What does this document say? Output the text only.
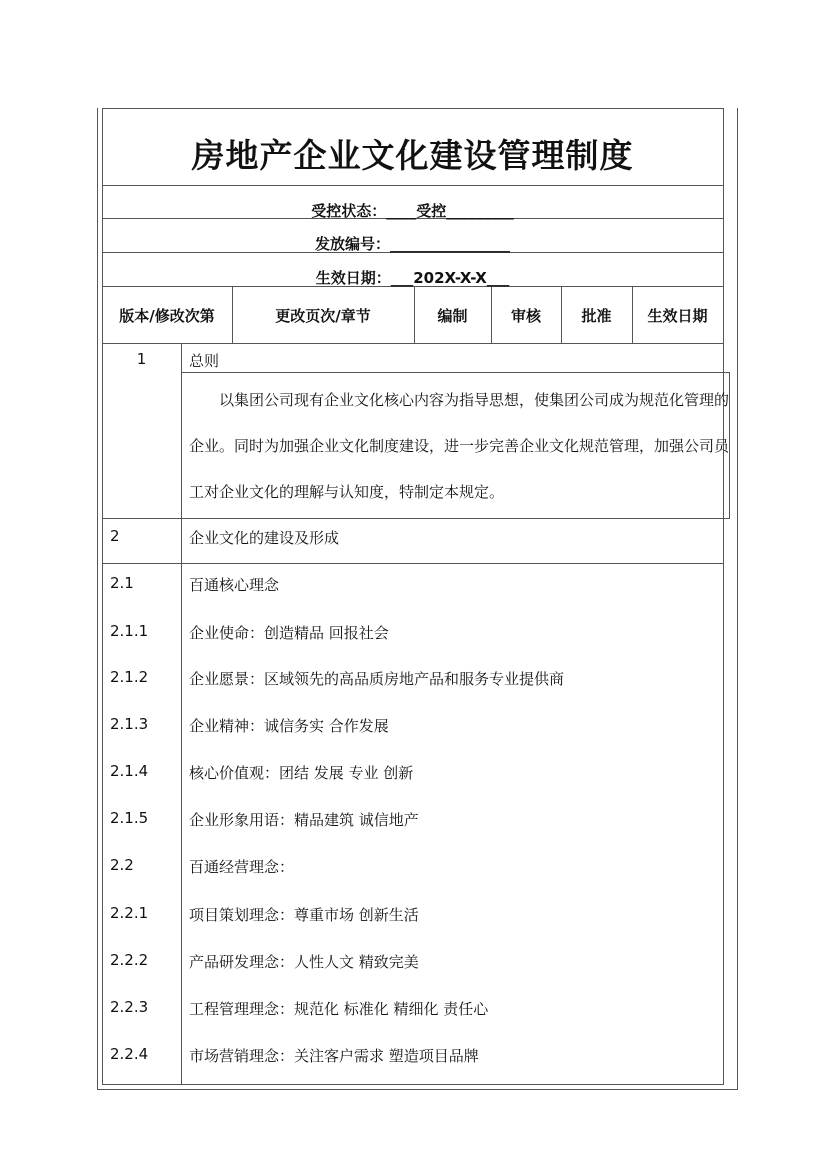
房地产企业文化建设管理制度
受控状态：____受控_________
发放编号：________________
生效日期：___202X-X-X___
版本/修改次第	更改页次/章节	编制	审核	批准	生效日期
1	总则
　　以集团公司现有企业文化核心内容为指导思想，使集团公司成为规范化管理的企业。同时为加强企业文化制度建设，进一步完善企业文化规范管理，加强公司员工对企业文化的理解与认知度，特制定本规定。
2	企业文化的建设及形成
2.1	百通核心理念
2.1.1	企业使命：创造精品 回报社会
2.1.2	企业愿景：区域领先的高品质房地产品和服务专业提供商
2.1.3	企业精神：诚信务实 合作发展
2.1.4	核心价值观：团结 发展 专业 创新
2.1.5	企业形象用语：精品建筑 诚信地产
2.2	百通经营理念：
2.2.1	项目策划理念：尊重市场 创新生活
2.2.2	产品研发理念：人性人文 精致完美
2.2.3	工程管理理念：规范化 标准化 精细化 责任心
2.2.4	市场营销理念：关注客户需求 塑造项目品牌
